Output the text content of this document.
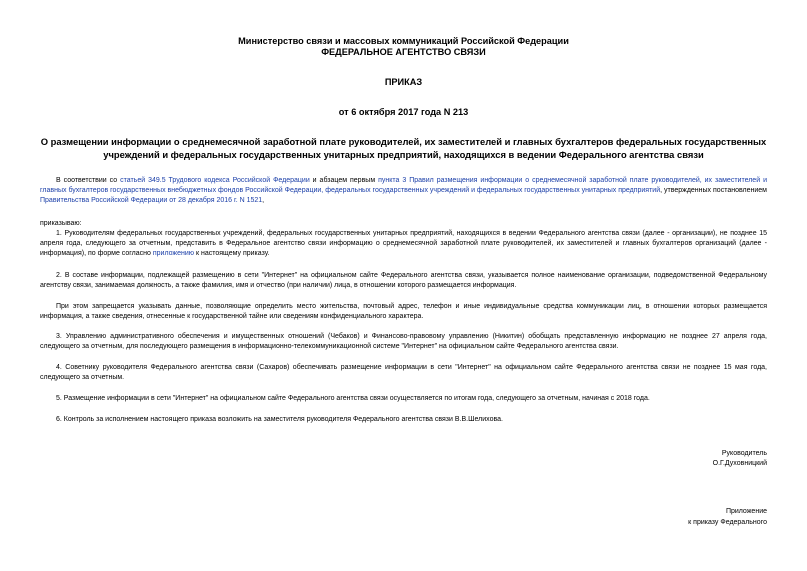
Министерство связи и массовых коммуникаций Российской Федерации
ФЕДЕРАЛЬНОЕ АГЕНТСТВО СВЯЗИ
ПРИКАЗ
от 6 октября 2017 года N 213
О размещении информации о среднемесячной заработной плате руководителей, их заместителей и главных бухгалтеров федеральных государственных учреждений и федеральных государственных унитарных предприятий, находящихся в ведении Федерального агентства связи
В соответствии со статьей 349.5 Трудового кодекса Российской Федерации и абзацем первым пункта 3 Правил размещения информации о среднемесячной заработной плате руководителей, их заместителей и главных бухгалтеров государственных внебюджетных фондов Российской Федерации, федеральных государственных учреждений и федеральных государственных унитарных предприятий, утвержденных постановлением Правительства Российской Федерации от 28 декабря 2016 г. N 1521,
приказываю:
1. Руководителям федеральных государственных учреждений, федеральных государственных унитарных предприятий, находящихся в ведении Федерального агентства связи (далее - организации), не позднее 15 апреля года, следующего за отчетным, представить в Федеральное агентство связи информацию о среднемесячной заработной плате руководителей, их заместителей и главных бухгалтеров организаций (далее - информация), по форме согласно приложению к настоящему приказу.
2. В составе информации, подлежащей размещению в сети "Интернет" на официальном сайте Федерального агентства связи, указывается полное наименование организации, подведомственной Федеральному агентству связи, занимаемая должность, а также фамилия, имя и отчество (при наличии) лица, в отношении которого размещается информация.
При этом запрещается указывать данные, позволяющие определить место жительства, почтовый адрес, телефон и иные индивидуальные средства коммуникации лиц, в отношении которых размещается информация, а также сведения, отнесенные к государственной тайне или сведениям конфиденциального характера.
3. Управлению административного обеспечения и имущественных отношений (Чебаков) и Финансово-правовому управлению (Никитин) обобщать представленную информацию не позднее 27 апреля года, следующего за отчетным, для последующего размещения в информационно-телекоммуникационной системе "Интернет" на официальном сайте Федерального агентства связи.
4. Советнику руководителя Федерального агентства связи (Сахаров) обеспечивать размещение информации в сети "Интернет" на официальном сайте Федерального агентства связи не позднее 15 мая года, следующего за отчетным.
5. Размещение информации в сети "Интернет" на официальном сайте Федерального агентства связи осуществляется по итогам года, следующего за отчетным, начиная с 2018 года.
6. Контроль за исполнением настоящего приказа возложить на заместителя руководителя Федерального агентства связи В.В.Шелихова.
Руководитель
О.Г.Духовницкий
Приложение
к приказу Федерального
